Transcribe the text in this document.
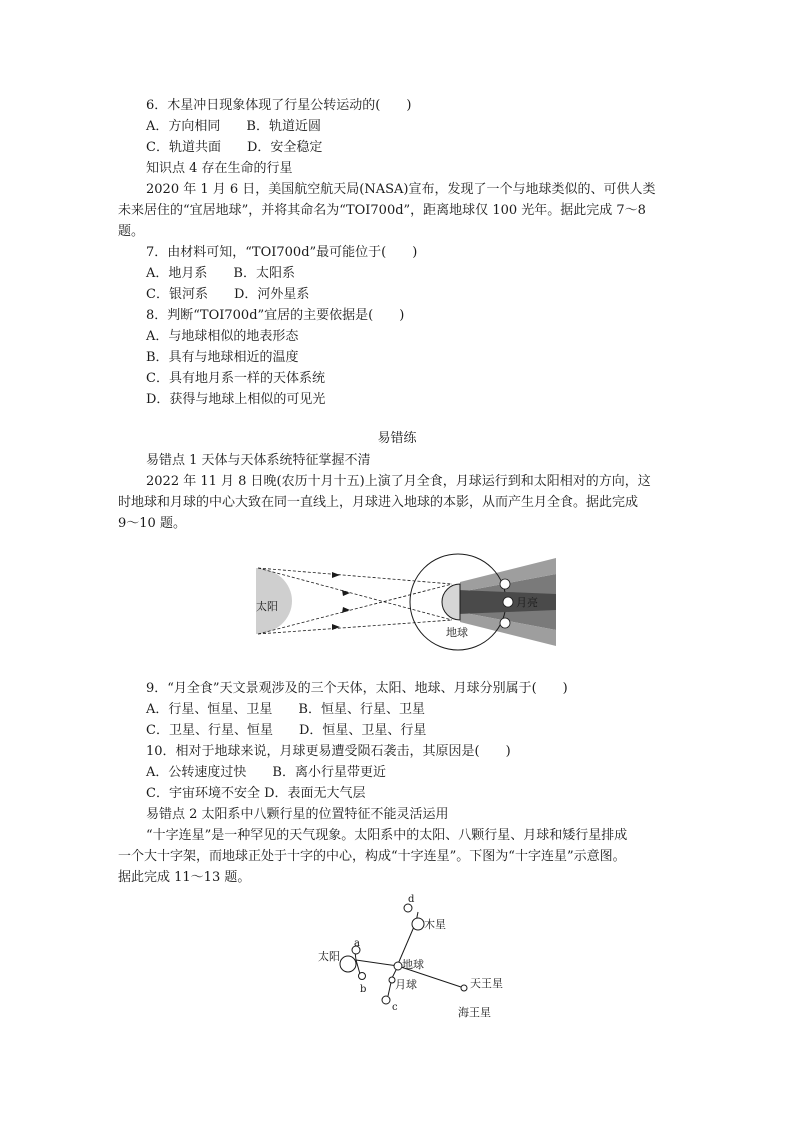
6．木星冲日现象体现了行星公转运动的(　　)
A．方向相同　　B．轨道近圆
C．轨道共面　　D．安全稳定
知识点 4 存在生命的行星
2020 年 1 月 6 日，美国航空航天局(NASA)宣布，发现了一个与地球类似的、可供人类
未来居住的“宜居地球”，并将其命名为“TOI700d”，距离地球仅 100 光年。据此完成 7～8
题。
7．由材料可知，“TOI700d”最可能位于(　　)
A．地月系　　B．太阳系
C．银河系　　D．河外星系
8．判断“TOI700d”宜居的主要依据是(　　)
A．与地球相似的地表形态
B．具有与地球相近的温度
C．具有地月系一样的天体系统
D．获得与地球上相似的可见光
易错练
易错点 1 天体与天体系统特征掌握不清
2022 年 11 月 8 日晚(农历十月十五)上演了月全食，月球运行到和太阳相对的方向，这
时地球和月球的中心大致在同一直线上，月球进入地球的本影，从而产生月全食。据此完成
9～10 题。
太阳	月亮
地球
9．“月全食”天文景观涉及的三个天体，太阳、地球、月球分别属于(　　)
A．行星、恒星、卫星　　B．恒星、行星、卫星
C．卫星、行星、恒星　　D．恒星、卫星、行星
10．相对于地球来说，月球更易遭受陨石袭击，其原因是(　　)
A．公转速度过快　　B．离小行星带更近
C．宇宙环境不安全 D．表面无大气层
易错点 2 太阳系中八颗行星的位置特征不能灵活运用
“十字连星”是一种罕见的天气现象。太阳系中的太阳、八颗行星、月球和矮行星排成
一个大十字架，而地球正处于十字的中心，构成“十字连星”。下图为“十字连星”示意图。
据此完成 11～13 题。
d
木星
a
太阳
地球
b	月球	天王星
c	海王星
